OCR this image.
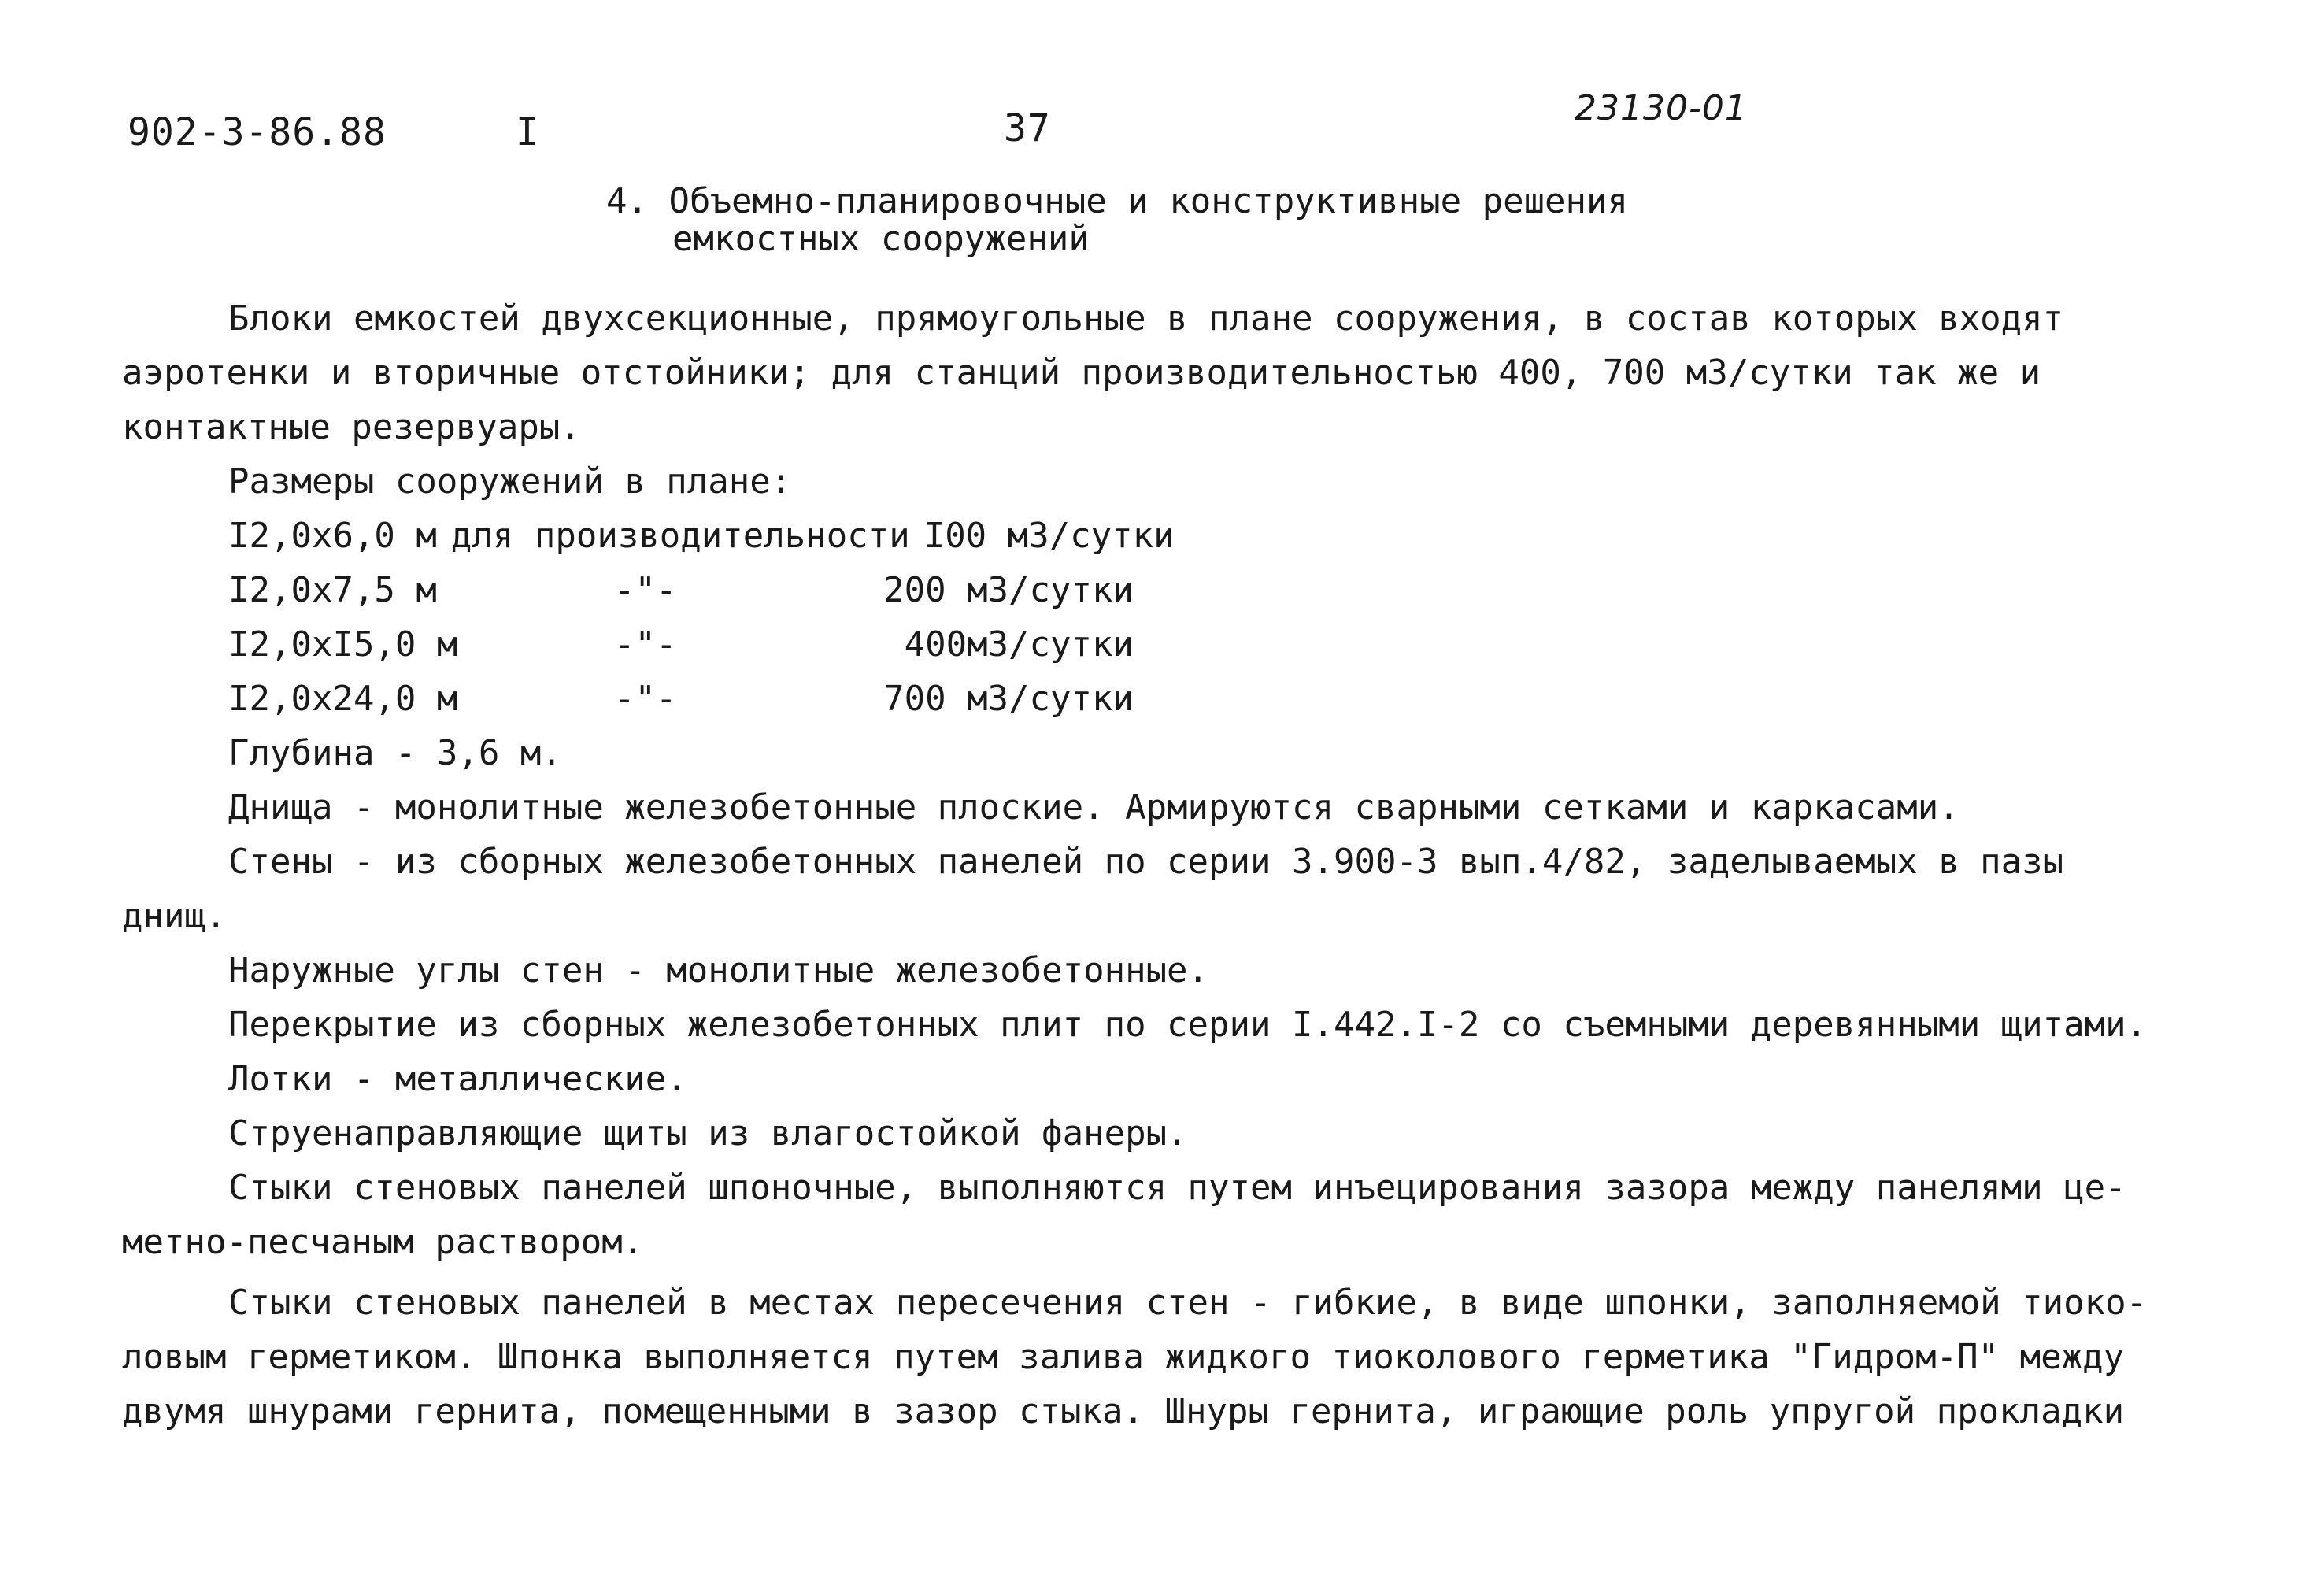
902-3-86.88	I	37	23130-01
4. Объемно-планировочные и конструктивные решения
емкостных сооружений
Блоки емкостей двухсекционные, прямоугольные в плане сооружения, в состав которых входят
аэротенки и вторичные отстойники; для станций производительностью 400, 700 м3/сутки так же и
контактные резервуары.
Размеры сооружений в плане:
I2,0x6,0 м для производительности I00 м3/сутки
I2,0x7,5 м	-"-	200 м3/сутки
I2,0xI5,0 м	-"-	400м3/сутки
I2,0x24,0 м	-"-	700 м3/сутки
Глубина - 3,6 м.
Днища - монолитные железобетонные плоские. Армируются сварными сетками и каркасами.
Стены - из сборных железобетонных панелей по серии 3.900-3 вып.4/82, заделываемых в пазы
днищ.
Наружные углы стен - монолитные железобетонные.
Перекрытие из сборных железобетонных плит по серии I.442.I-2 со съемными деревянными щитами.
Лотки - металлические.
Струенаправляющие щиты из влагостойкой фанеры.
Стыки стеновых панелей шпоночные, выполняются путем инъецирования зазора между панелями це-
метно-песчаным раствором.
Стыки стеновых панелей в местах пересечения стен - гибкие, в виде шпонки, заполняемой тиоко-
ловым герметиком. Шпонка выполняется путем залива жидкого тиоколового герметика "Гидром-П" между
двумя шнурами гернита, помещенными в зазор стыка. Шнуры гернита, играющие роль упругой прокладки
